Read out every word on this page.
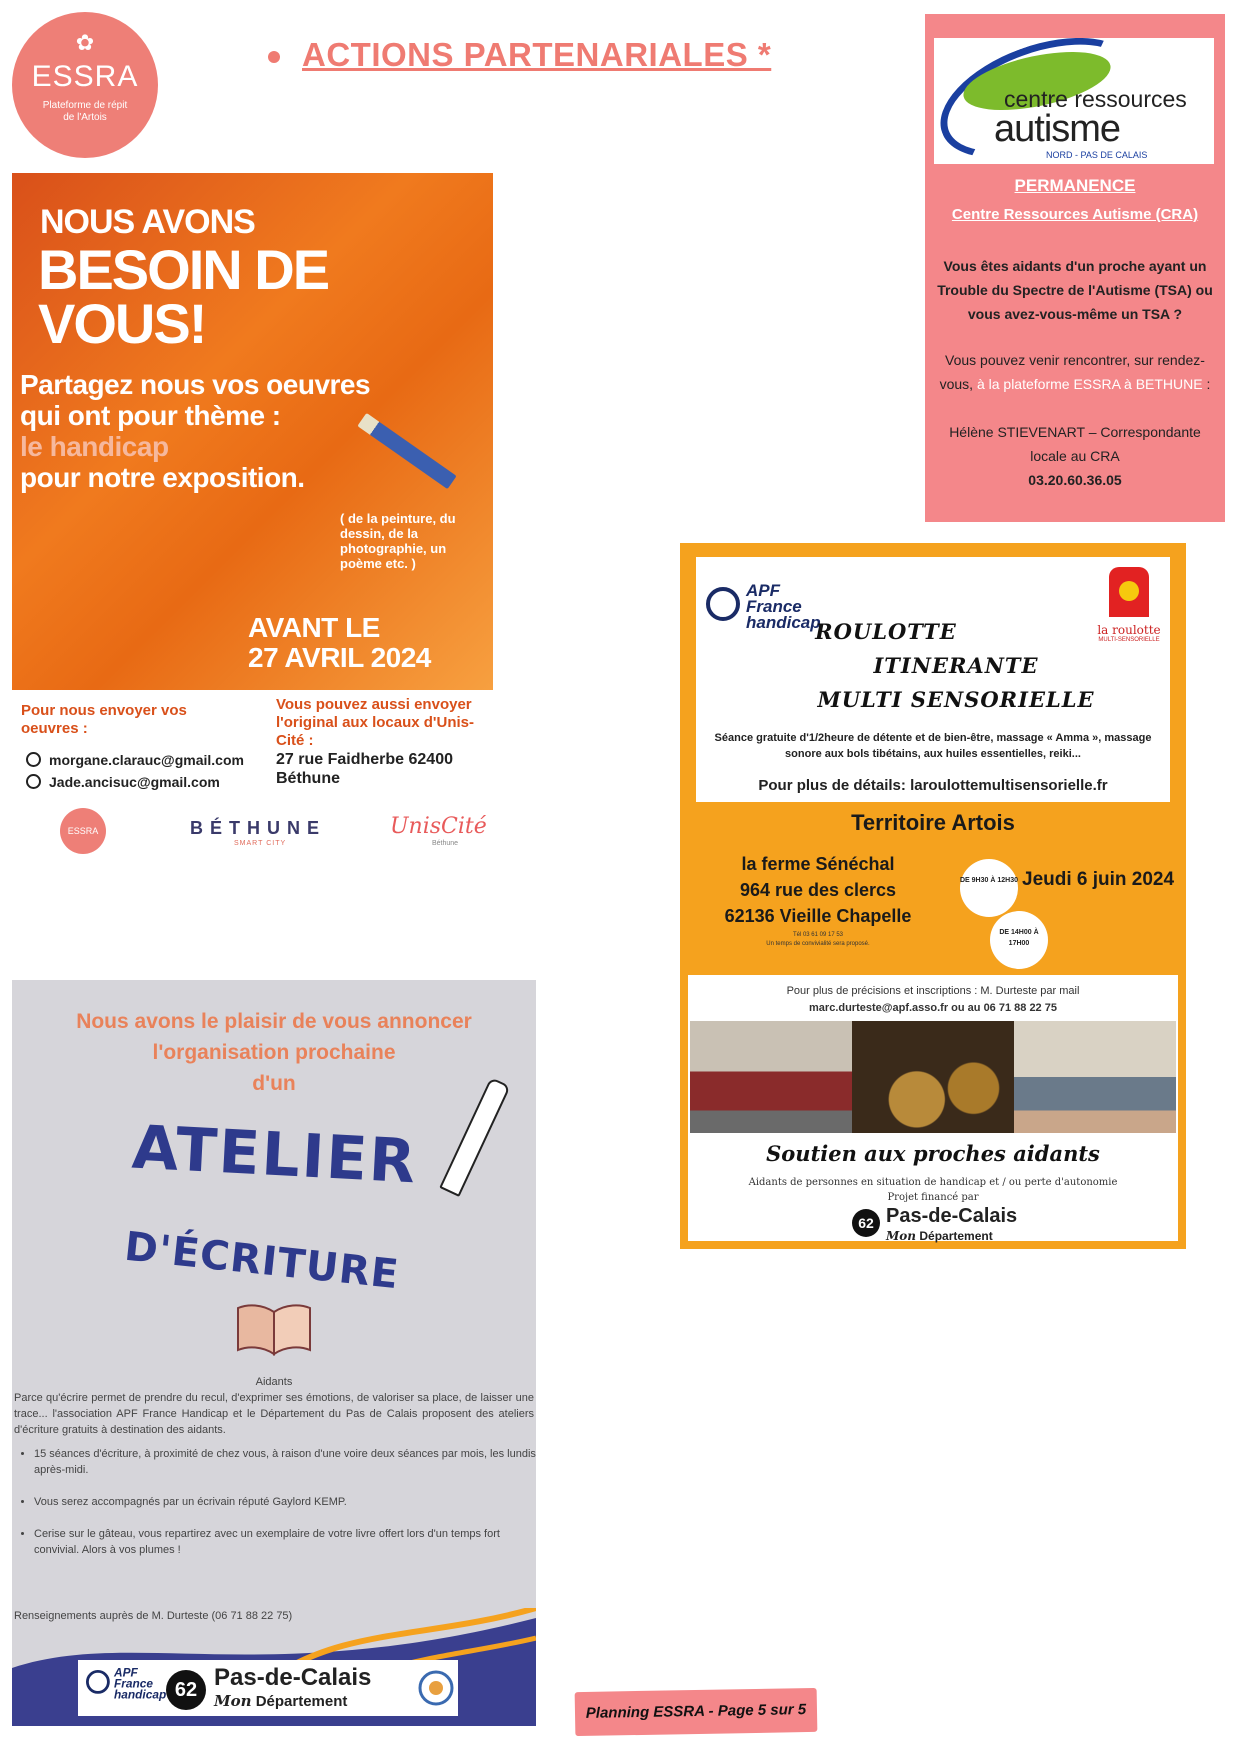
✿
ESSRA
Plateforme de répit
de l'Artois
ACTIONS PARTENARIALES *
NOUS AVONS
BESOIN DE VOUS!
Partagez nous vos oeuvres
qui ont pour thème :
le handicap
pour notre exposition.
( de la peinture, du dessin, de la photographie, un poème etc. )
AVANT LE
27 AVRIL 2024
Pour nous envoyer vos oeuvres :
morgane.clarauc@gmail.com
Jade.ancisuc@gmail.com
Vous pouvez aussi envoyer l'original aux locaux d'Unis-Cité :
27 rue Faidherbe 62400 Béthune
ESSRA	BÉTHUNE
SMART CITY
UnisCité
Béthune
centre ressources
autisme
NORD - PAS DE CALAIS
PERMANENCE
Centre Ressources Autisme (CRA)
Vous êtes aidants d'un proche ayant un Trouble du Spectre de l'Autisme (TSA) ou vous avez-vous-même un TSA ?
Vous pouvez venir rencontrer, sur rendez-vous, à la plateforme ESSRA à BETHUNE :
Hélène STIEVENART – Correspondante locale au CRA
03.20.60.36.05
APF
France
handicap
ROULOTTE
ITINERANTE
MULTI SENSORIELLE
la roulotte
MULTI-SENSORIELLE
Séance gratuite d'1/2heure de détente et de bien-être, massage « Amma », massage sonore aux bols tibétains, aux huiles essentielles, reiki...
Pour plus de détails: laroulottemultisensorielle.fr
Territoire Artois
la ferme Sénéchal
964 rue des clercs
62136 Vieille Chapelle
Tél 03 61 09 17 53
Un temps de convivialité sera proposé.
DE 9H30 À 12H30
DE 14H00 À 17H00
Jeudi 6 juin 2024
Pour plus de précisions et inscriptions : M. Durteste par mail
marc.durteste@apf.asso.fr ou au 06 71 88 22 75
Soutien aux proches aidants
Aidants de personnes en situation de handicap et / ou perte d'autonomie
Projet financé par
62 Pas-de-Calais
Mon Département
Nous avons le plaisir de vous annoncer
l'organisation prochaine
d'un
ATELIER
D'ÉCRITURE
Aidants
Parce qu'écrire permet de prendre du recul, d'exprimer ses émotions, de valoriser sa place, de laisser une trace... l'association APF France Handicap et le Département du Pas de Calais proposent des ateliers d'écriture gratuits à destination des aidants.
• 15 séances d'écriture, à proximité de chez vous, à raison d'une voire deux séances par mois, les lundis après-midi.
• Vous serez accompagnés par un écrivain réputé Gaylord KEMP.
• Cerise sur le gâteau, vous repartirez avec un exemplaire de votre livre offert lors d'un temps fort convivial. Alors à vos plumes !
Renseignements auprès de M. Durteste (06 71 88 22 75)
APF
France
handicap 62 Pas-de-Calais
Mon Département	Planning ESSRA - Page 5 sur 5
